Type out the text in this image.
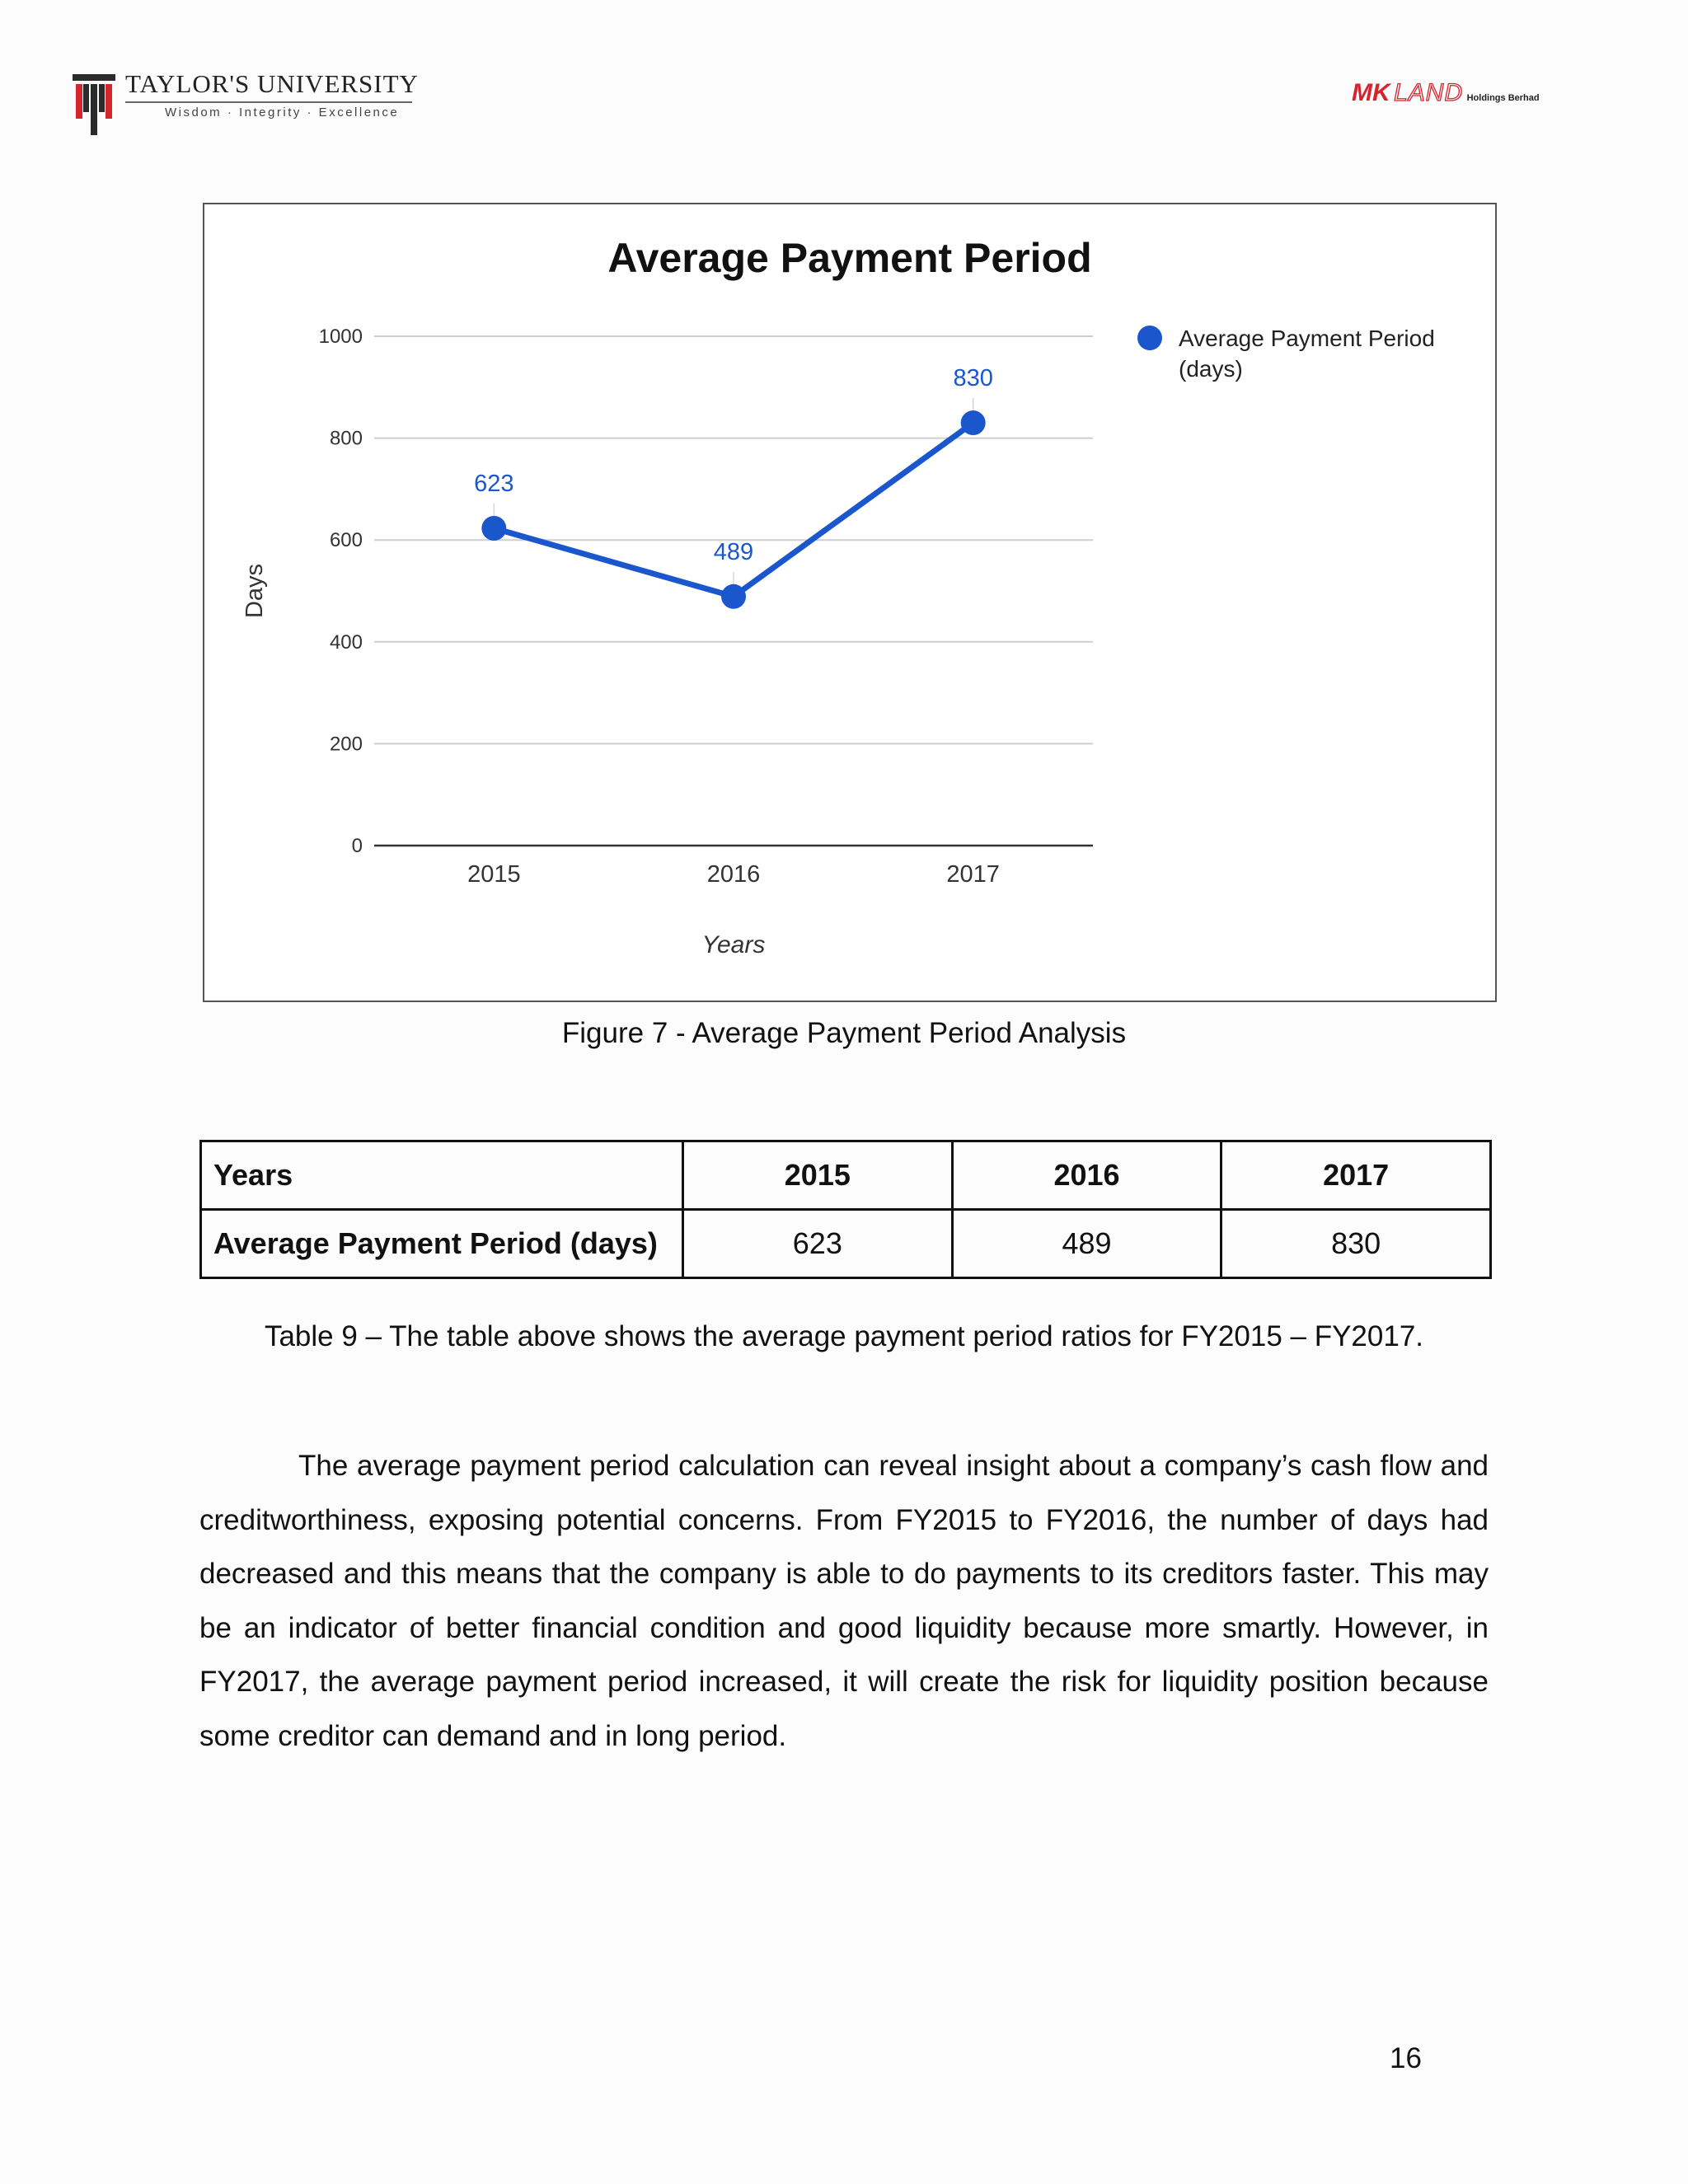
TAYLOR'S UNIVERSITY
Wisdom · Integrity · Excellence
MK LAND Holdings Berhad
Average Payment Period
0
200
400
600
800
1000
2015	2016	2017
Years
Days
623
489
830
Average Payment Period
(days)
Figure 7 - Average Payment Period Analysis
Years	2015	2016	2017
Average Payment Period (days)	623	489	830
Table 9 – The table above shows the average payment period ratios for FY2015 – FY2017.

The average payment period calculation can reveal insight about a company’s cash flow and creditworthiness, exposing potential concerns. From FY2015 to FY2016, the number of days had decreased and this means that the company is able to do payments to its creditors faster. This may be an indicator of better financial condition and good liquidity because more smartly. However, in FY2017, the average payment period increased, it will create the risk for liquidity position because some creditor can demand and in long period.

16
